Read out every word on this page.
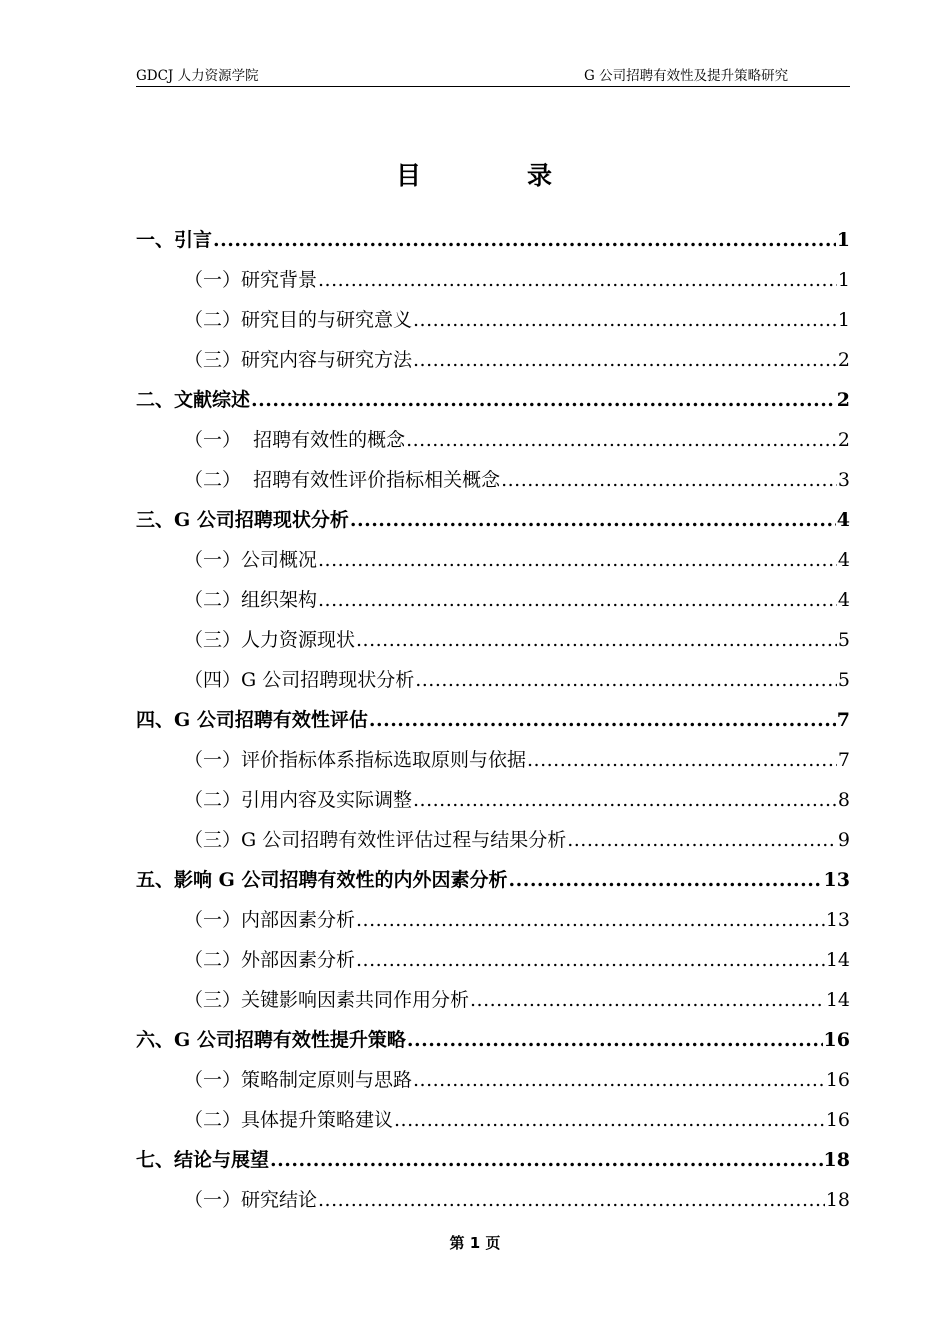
GDCJ 人力资源学院	G 公司招聘有效性及提升策略研究
目	录
一、引言 .....	1
（一）研究背景 .....	1
（二）研究目的与研究意义 .....	1
（三）研究内容与研究方法 .....	2
二、文献综述 .....	2
（一）  招聘有效性的概念 .....	2
（二）  招聘有效性评价指标相关概念 .....	3
三、G 公司招聘现状分析 .....	4
（一）公司概况 .....	4
（二）组织架构 .....	4
（三）人力资源现状 .....	5
（四）G 公司招聘现状分析 .....	5
四、G 公司招聘有效性评估 .....	7
（一）评价指标体系指标选取原则与依据 .....	7
（二）引用内容及实际调整 .....	8
（三）G 公司招聘有效性评估过程与结果分析 .....	9
五、影响 G 公司招聘有效性的内外因素分析 .....	13
（一）内部因素分析 .....	13
（二）外部因素分析 .....	14
（三）关键影响因素共同作用分析 .....	14
六、G 公司招聘有效性提升策略 .....	16
（一）策略制定原则与思路 .....	16
（二）具体提升策略建议 .....	16
七、结论与展望 .....	18
（一）研究结论 .....	18
第 1 页
